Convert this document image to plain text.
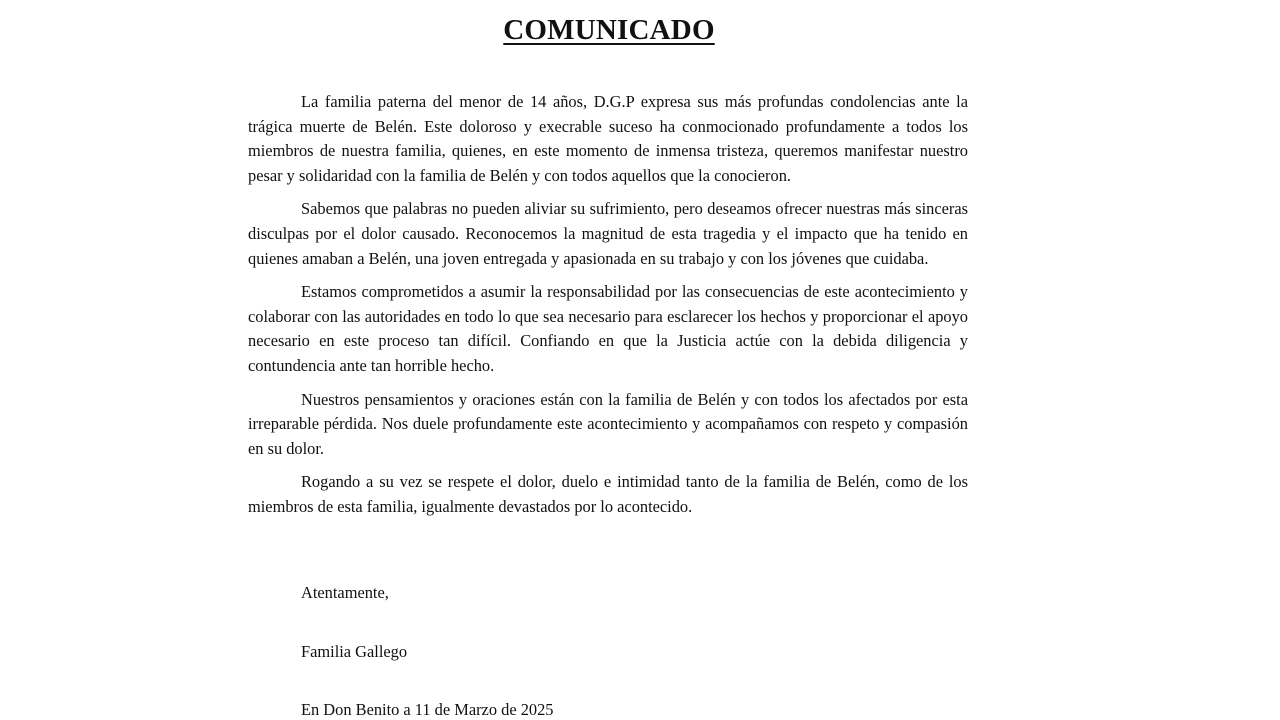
COMUNICADO

La familia paterna del menor de 14 años, D.G.P expresa sus más profundas condolencias ante la trágica muerte de Belén. Este doloroso y execrable suceso ha conmocionado profundamente a todos los miembros de nuestra familia, quienes, en este momento de inmensa tristeza, queremos manifestar nuestro pesar y solidaridad con la familia de Belén y con todos aquellos que la conocieron.

Sabemos que palabras no pueden aliviar su sufrimiento, pero deseamos ofrecer nuestras más sinceras disculpas por el dolor causado. Reconocemos la magnitud de esta tragedia y el impacto que ha tenido en quienes amaban a Belén, una joven entregada y apasionada en su trabajo y con los jóvenes que cuidaba.

Estamos comprometidos a asumir la responsabilidad por las consecuencias de este acontecimiento y colaborar con las autoridades en todo lo que sea necesario para esclarecer los hechos y proporcionar el apoyo necesario en este proceso tan difícil. Confiando en que la Justicia actúe con la debida diligencia y contundencia ante tan horrible hecho.

Nuestros pensamientos y oraciones están con la familia de Belén y con todos los afectados por esta irreparable pérdida. Nos duele profundamente este acontecimiento y acompañamos con respeto y compasión en su dolor.

Rogando a su vez se respete el dolor, duelo e intimidad tanto de la familia de Belén, como de los miembros de esta familia, igualmente devastados por lo acontecido.

Atentamente,

Familia Gallego

En Don Benito a 11 de Marzo de 2025
